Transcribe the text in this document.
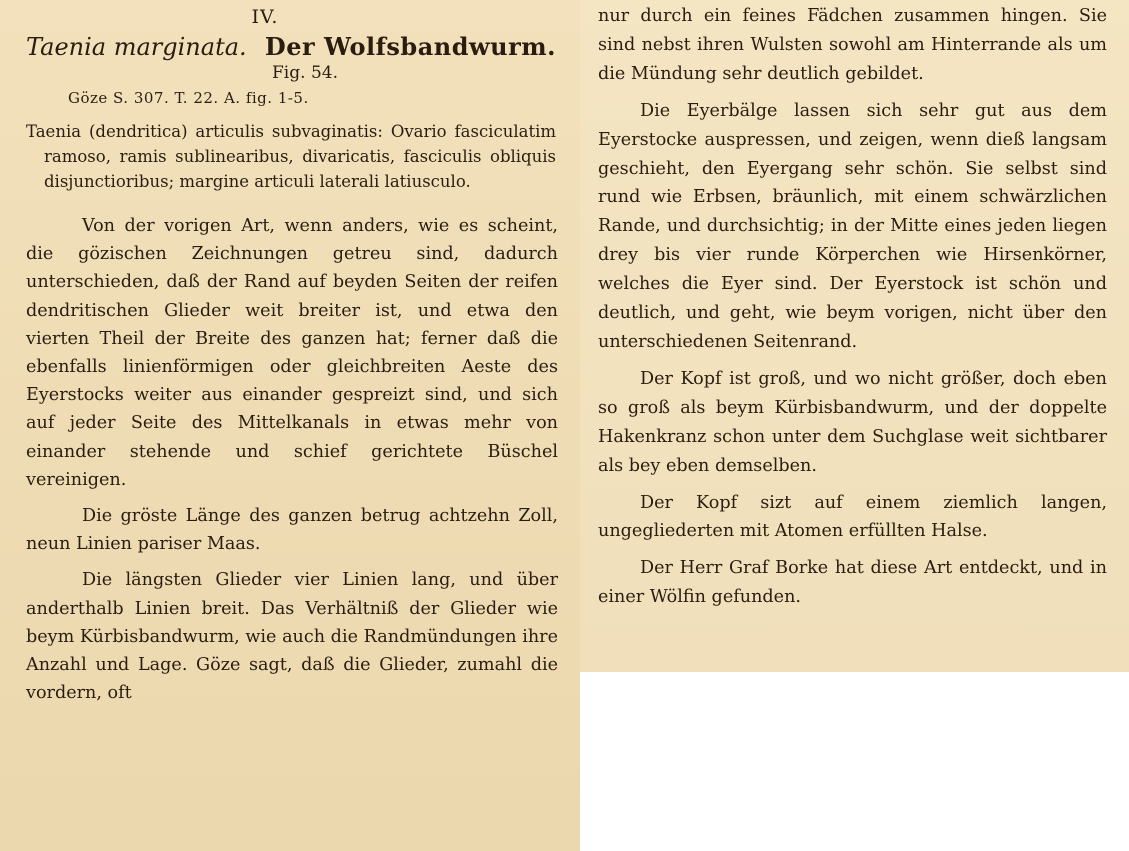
IV.
Taenia marginata. Der Wolfsbandwurm.
Fig. 54.
Göze S. 307. T. 22. A. fig. 1-5.

Taenia (dendritica) articulis subvaginatis: Ovario fasciculatim ramoso, ramis sublinearibus, divaricatis, fasciculis obliquis disjunctioribus; margine articuli laterali latiusculo.

Von der vorigen Art, wenn anders, wie es scheint, die gözischen Zeichnungen getreu sind, dadurch unterschieden, daß der Rand auf beyden Seiten der reifen dendritischen Glieder weit breiter ist, und etwa den vierten Theil der Breite des ganzen hat; ferner daß die ebenfalls linienförmigen oder gleichbreiten Aeste des Eyerstocks weiter aus einander gespreizt sind, und sich auf jeder Seite des Mittelkanals in etwas mehr von einander stehende und schief gerichtete Büschel vereinigen.

Die gröste Länge des ganzen betrug achtzehn Zoll, neun Linien pariser Maas.

Die längsten Glieder vier Linien lang, und über anderthalb Linien breit. Das Verhältniß der Glieder wie beym Kürbisbandwurm, wie auch die Randmündungen ihre Anzahl und Lage. Göze sagt, daß die Glieder, zumahl die vordern, oft

nur durch ein feines Fädchen zusammen hingen. Sie sind nebst ihren Wulsten sowohl am Hinterrande als um die Mündung sehr deutlich gebildet.

Die Eyerbälge lassen sich sehr gut aus dem Eyerstocke auspressen, und zeigen, wenn dieß langsam geschieht, den Eyergang sehr schön. Sie selbst sind rund wie Erbsen, bräunlich, mit einem schwärzlichen Rande, und durchsichtig; in der Mitte eines jeden liegen drey bis vier runde Körperchen wie Hirsenkörner, welches die Eyer sind. Der Eyerstock ist schön und deutlich, und geht, wie beym vorigen, nicht über den unterschiedenen Seitenrand.

Der Kopf ist groß, und wo nicht größer, doch eben so groß als beym Kürbisbandwurm, und der doppelte Hakenkranz schon unter dem Suchglase weit sichtbarer als bey eben demselben.

Der Kopf sizt auf einem ziemlich langen, ungegliederten mit Atomen erfüllten Halse.

Der Herr Graf Borke hat diese Art entdeckt, und in einer Wölfin gefunden.
